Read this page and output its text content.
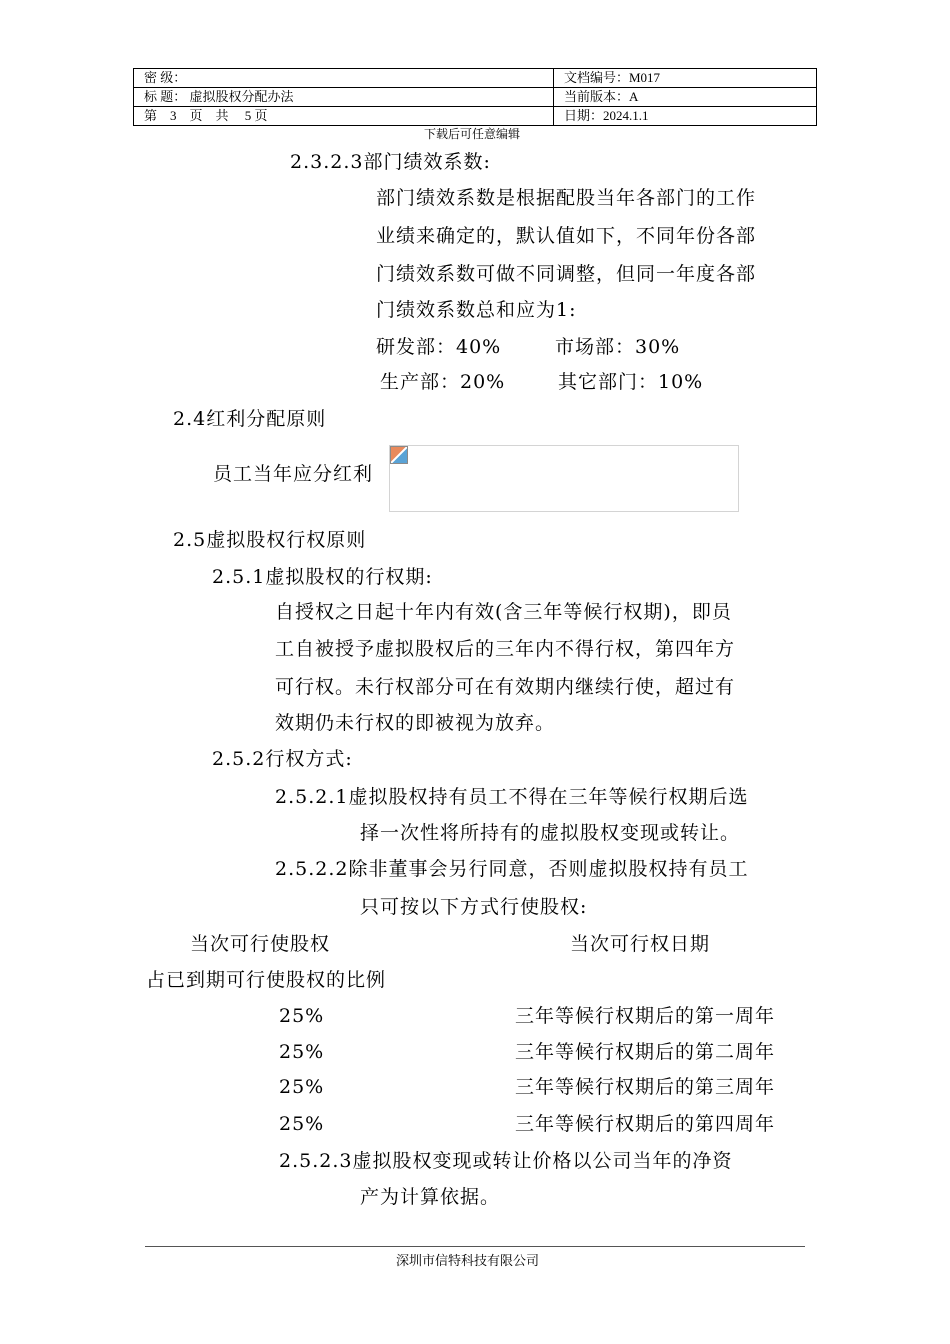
密 级：	文档编号：M017
标 题： 虚拟股权分配办法	当前版本：A
第    3    页    共     5 页	日期：2024.1.1
下载后可任意编辑
2.3.2.3部门绩效系数:
部门绩效系数是根据配股当年各部门的工作
业绩来确定的，默认值如下，不同年份各部
门绩效系数可做不同调整，但同一年度各部
门绩效系数总和应为1:
研发部：40%	市场部：30%
生产部：20%	其它部门：10%
2.4红利分配原则
员工当年应分红利
2.5虚拟股权行权原则
2.5.1虚拟股权的行权期:
自授权之日起十年内有效(含三年等候行权期)，即员
工自被授予虚拟股权后的三年内不得行权，第四年方
可行权。未行权部分可在有效期内继续行使，超过有
效期仍未行权的即被视为放弃。
2.5.2行权方式:
2.5.2.1虚拟股权持有员工不得在三年等候行权期后选
择一次性将所持有的虚拟股权变现或转让。
2.5.2.2除非董事会另行同意，否则虚拟股权持有员工
只可按以下方式行使股权:
当次可行使股权	当次可行权日期
占已到期可行使股权的比例
25%	三年等候行权期后的第一周年
25%	三年等候行权期后的第二周年
25%	三年等候行权期后的第三周年
25%	三年等候行权期后的第四周年
2.5.2.3虚拟股权变现或转让价格以公司当年的净资
产为计算依据。
深圳市信特科技有限公司
